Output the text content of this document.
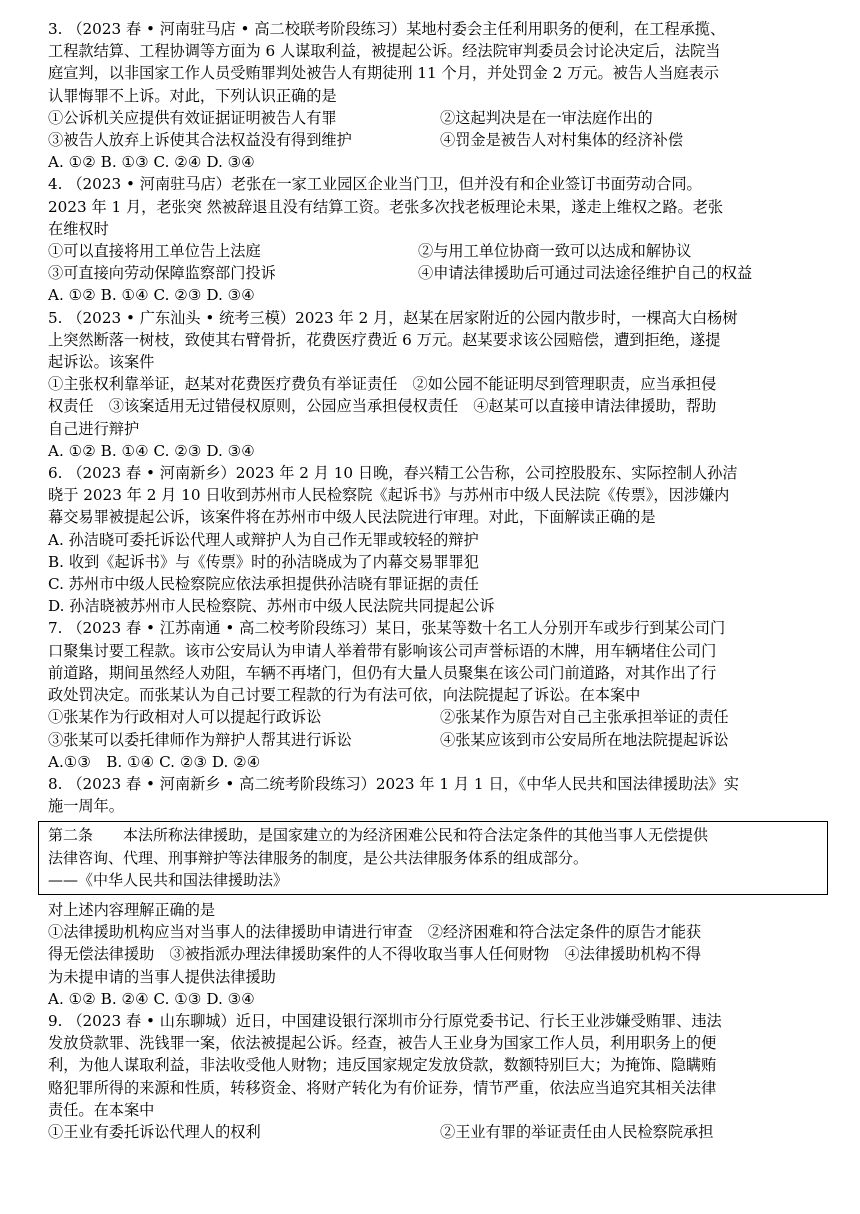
3. （2023 春 • 河南驻马店 • 高二校联考阶段练习）某地村委会主任利用职务的便利，在工程承揽、
工程款结算、工程协调等方面为 6 人谋取利益，被提起公诉。经法院审判委员会讨论决定后，法院当
庭宣判，以非国家工作人员受贿罪判处被告人有期徒刑 11 个月，并处罚金 2 万元。被告人当庭表示
认罪悔罪不上诉。对此，下列认识正确的是
①公诉机关应提供有效证据证明被告人有罪	②这起判决是在一审法庭作出的
③被告人放弃上诉使其合法权益没有得到维护	④罚金是被告人对村集体的经济补偿
A. ①② B. ①③ C. ②④ D. ③④
4. （2023 • 河南驻马店）老张在一家工业园区企业当门卫，但并没有和企业签订书面劳动合同。
2023 年 1 月，老张突 然被辞退且没有结算工资。老张多次找老板理论未果，遂走上维权之路。老张
在维权时
①可以直接将用工单位告上法庭	②与用工单位协商一致可以达成和解协议
③可直接向劳动保障监察部门投诉	④申请法律援助后可通过司法途径维护自己的权益
A. ①② B. ①④ C. ②③ D. ③④
5. （2023 • 广东汕头 • 统考三模）2023 年 2 月，赵某在居家附近的公园内散步时，一棵高大白杨树
上突然断落一树枝，致使其右臂骨折，花费医疗费近 6 万元。赵某要求该公园赔偿，遭到拒绝，遂提
起诉讼。该案件
①主张权利靠举证，赵某对花费医疗费负有举证责任　②如公园不能证明尽到管理职责，应当承担侵
权责任　③该案适用无过错侵权原则，公园应当承担侵权责任　④赵某可以直接申请法律援助，帮助
自己进行辩护
A. ①② B. ①④ C. ②③ D. ③④
6. （2023 春 • 河南新乡）2023 年 2 月 10 日晚，春兴精工公告称，公司控股股东、实际控制人孙洁
晓于 2023 年 2 月 10 日收到苏州市人民检察院《起诉书》与苏州市中级人民法院《传票》，因涉嫌内
幕交易罪被提起公诉，该案件将在苏州市中级人民法院进行审理。对此，下面解读正确的是
A. 孙洁晓可委托诉讼代理人或辩护人为自己作无罪或较轻的辩护
B. 收到《起诉书》与《传票》时的孙洁晓成为了内幕交易罪罪犯
C. 苏州市中级人民检察院应依法承担提供孙洁晓有罪证据的责任
D. 孙洁晓被苏州市人民检察院、苏州市中级人民法院共同提起公诉
7. （2023 春 • 江苏南通 • 高二校考阶段练习）某日，张某等数十名工人分别开车或步行到某公司门
口聚集讨要工程款。该市公安局认为申请人举着带有影响该公司声誉标语的木牌，用车辆堵住公司门
前道路，期间虽然经人劝阻，车辆不再堵门，但仍有大量人员聚集在该公司门前道路，对其作出了行
政处罚决定。而张某认为自己讨要工程款的行为有法可依，向法院提起了诉讼。在本案中
①张某作为行政相对人可以提起行政诉讼	②张某作为原告对自己主张承担举证的责任
③张某可以委托律师作为辩护人帮其进行诉讼	④张某应该到市公安局所在地法院提起诉讼
A.①③　B. ①④ C. ②③ D. ②④
8. （2023 春 • 河南新乡 • 高二统考阶段练习）2023 年 1 月 1 日，《中华人民共和国法律援助法》实
施一周年。
第二条　　本法所称法律援助，是国家建立的为经济困难公民和符合法定条件的其他当事人无偿提供
法律咨询、代理、刑事辩护等法律服务的制度，是公共法律服务体系的组成部分。
——《中华人民共和国法律援助法》
对上述内容理解正确的是
①法律援助机构应当对当事人的法律援助申请进行审查　②经济困难和符合法定条件的原告才能获
得无偿法律援助　③被指派办理法律援助案件的人不得收取当事人任何财物　④法律援助机构不得
为未提申请的当事人提供法律援助
A. ①② B. ②④ C. ①③ D. ③④
9. （2023 春 • 山东聊城）近日，中国建设银行深圳市分行原党委书记、行长王业涉嫌受贿罪、违法
发放贷款罪、洗钱罪一案，依法被提起公诉。经查，被告人王业身为国家工作人员，利用职务上的便
利，为他人谋取利益，非法收受他人财物；违反国家规定发放贷款，数额特别巨大；为掩饰、隐瞒贿
赂犯罪所得的来源和性质，转移资金、将财产转化为有价证券，情节严重，依法应当追究其相关法律
责任。在本案中
①王业有委托诉讼代理人的权利	②王业有罪的举证责任由人民检察院承担
